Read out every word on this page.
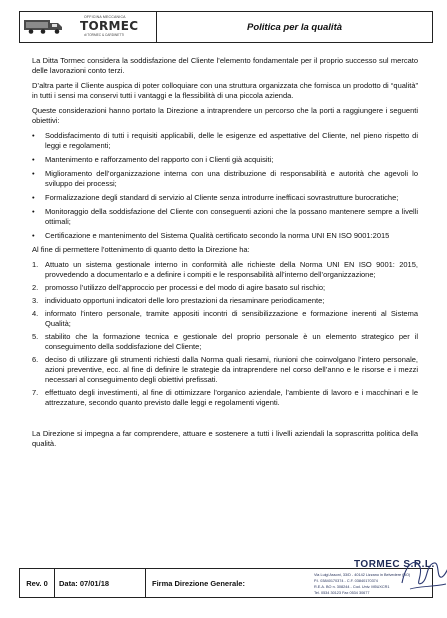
OFFICINA MECCANICA
TORMEC
di TORMEC & CARDINETTI
Politica per la qualità

La Ditta Tormec considera la soddisfazione del Cliente l’elemento fondamentale per il proprio successo sul mercato delle lavorazioni conto terzi.

D’altra parte il Cliente auspica di poter colloquiare con una struttura organizzata che fornisca un prodotto di “qualità” in tutti i sensi ma conservi tutti i vantaggi e la flessibilità di una piccola azienda.

Queste considerazioni hanno portato la Direzione a intraprendere un percorso che la porti a raggiungere i seguenti obiettivi:

• Soddisfacimento di tutti i requisiti applicabili, delle le esigenze ed aspettative del Cliente, nel pieno rispetto di leggi e regolamenti;
• Mantenimento e rafforzamento del rapporto con i Clienti già acquisiti;
• Miglioramento dell’organizzazione interna con una distribuzione di responsabilità e autorità che agevoli lo sviluppo dei processi;
• Formalizzazione degli standard di servizio al Cliente senza introdurre inefficaci sovrastrutture burocratiche;
• Monitoraggio della soddisfazione del Cliente con conseguenti azioni che la possano mantenere sempre a livelli ottimali;
• Certificazione e mantenimento del Sistema Qualità certificato secondo la norma UNI EN ISO 9001:2015

Al fine di permettere l’ottenimento di quanto detto la Direzione ha:

1. Attuato un sistema gestionale interno in conformità alle richieste della Norma UNI EN ISO 9001: 2015, provvedendo a documentarlo e a definire i compiti e le responsabilità all’interno dell’organizzazione;
2. promosso l’utilizzo dell’approccio per processi e del modo di agire basato sul rischio;
3. individuato opportuni indicatori delle loro prestazioni da riesaminare periodicamente;
4. informato l’intero personale, tramite appositi incontri di sensibilizzazione e formazione inerenti al Sistema Qualità;
5. stabilito che la formazione tecnica e gestionale del proprio personale è un elemento strategico per il conseguimento della soddisfazione del Cliente;
6. deciso di utilizzare gli strumenti richiesti dalla Norma quali riesami, riunioni che coinvolgano l’intero personale, azioni preventive, ecc. al fine di definire le strategie da intraprendere nel corso dell’anno e le risorse e i mezzi necessari al conseguimento degli obiettivi prefissati.
7. effettuato degli investimenti, al fine di ottimizzare l’organico aziendale, l’ambiente di lavoro e i macchinari e le attrezzature, secondo quanto previsto dalle leggi e regolamenti vigenti.

La Direzione si impegna a far comprendere, attuare e sostenere a tutti i livelli aziendali la soprascritta politica della qualità.

Rev. 0	Data: 07/01/18	Firma Direzione Generale:
TORMEC S.R.L.
Via Luigi Assoni, 33/D - 40142 Lizzano in Belvedere (BO)
P.I. 03840170374 - C.F. 03840170374
R.E.A. BO n. 308244 - Cod. Univ. M5UXCR1
Tel. 0534 30123 Fax 0534 30677
